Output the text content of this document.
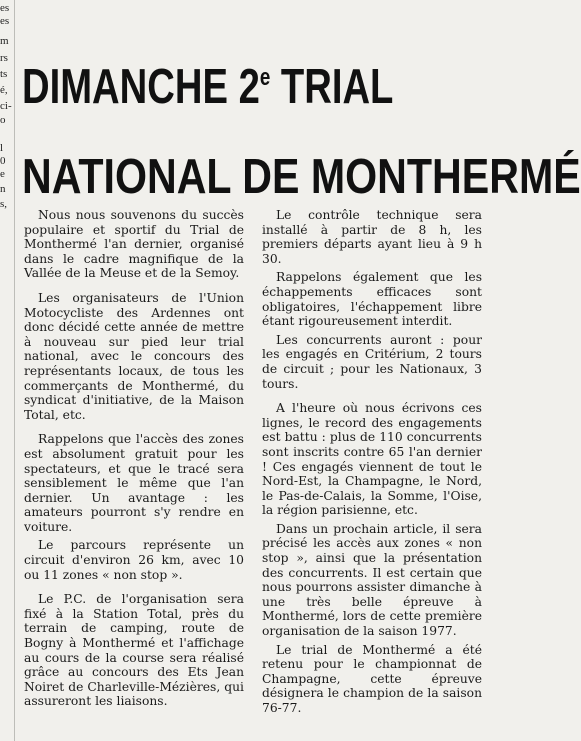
es
es
m
rs
ts
é,
ci-
o
l
0
e
n
s,
DIMANCHE 2e TRIAL
NATIONAL DE MONTHERMÉ

Nous nous souvenons du succès populaire et sportif du Trial de Monthermé l'an dernier, organisé dans le cadre magnifique de la Vallée de la Meuse et de la Semoy.

Les organisateurs de l'Union Motocycliste des Ardennes ont donc décidé cette année de mettre à nouveau sur pied leur trial national, avec le concours des représentants locaux, de tous les commerçants de Monthermé, du syndicat d'initiative, de la Maison Total, etc.

Rappelons que l'accès des zones est absolument gratuit pour les spectateurs, et que le tracé sera sensiblement le même que l'an dernier. Un avantage : les amateurs pourront s'y rendre en voiture.

Le parcours représente un circuit d'environ 26 km, avec 10 ou 11 zones « non stop ».

Le P.C. de l'organisation sera fixé à la Station Total, près du terrain de camping, route de Bogny à Monthermé et l'affichage au cours de la course sera réalisé grâce au concours des Ets Jean Noiret de Charleville-Mézières, qui assureront les liaisons.

Le contrôle technique sera installé à partir de 8 h, les premiers départs ayant lieu à 9 h 30.

Rappelons également que les échappements efficaces sont obligatoires, l'échappement libre étant rigoureusement interdit.

Les concurrents auront : pour les engagés en Critérium, 2 tours de circuit ; pour les Nationaux, 3 tours.

A l'heure où nous écrivons ces lignes, le record des engagements est battu : plus de 110 concurrents sont inscrits contre 65 l'an dernier ! Ces engagés viennent de tout le Nord-Est, la Champagne, le Nord, le Pas-de-Calais, la Somme, l'Oise, la région parisienne, etc.

Dans un prochain article, il sera précisé les accès aux zones « non stop », ainsi que la présentation des concurrents. Il est certain que nous pourrons assister dimanche à une très belle épreuve à Monthermé, lors de cette première organisation de la saison 1977.

Le trial de Monthermé a été retenu pour le championnat de Champagne, cette épreuve désignera le champion de la saison 76-77.
